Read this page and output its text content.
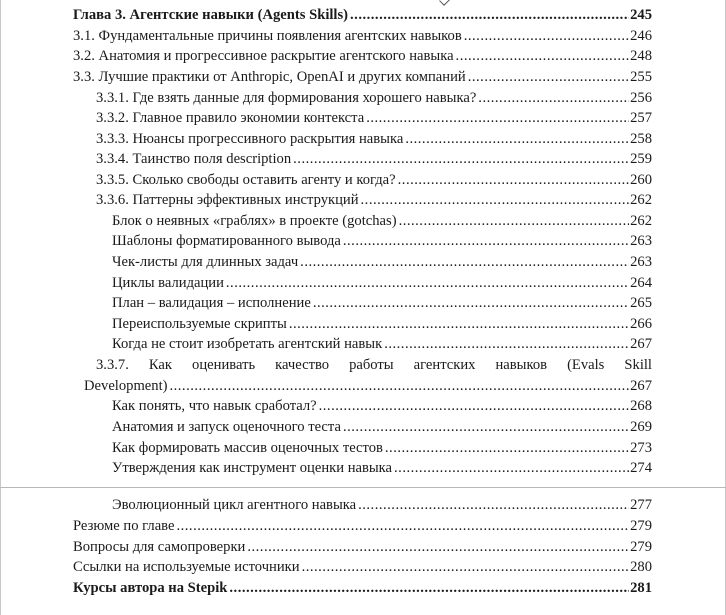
Глава 3. Агентские навыки (Agents Skills) .....	245
3.1. Фундаментальные причины появления агентских навыков .....	246
3.2. Анатомия и прогрессивное раскрытие агентского навыка .....	248
3.3. Лучшие практики от Anthropic, OpenAI и других компаний .....	255
3.3.1. Где взять данные для формирования хорошего навыка? .....	256
3.3.2. Главное правило экономии контекста .....	257
3.3.3. Нюансы прогрессивного раскрытия навыка .....	258
3.3.4. Таинство поля description .....	259
3.3.5. Сколько свободы оставить агенту и когда? .....	260
3.3.6. Паттерны эффективных инструкций .....	262
Блок о неявных «граблях» в проекте (gotchas) .....	262
Шаблоны форматированного вывода .....	263
Чек-листы для длинных задач .....	263
Циклы валидации .....	264
План – валидация – исполнение .....	265
Переиспользуемые скрипты .....	266
Когда не стоит изобретать агентский навык .....	267
3.3.7. Как оценивать качество работы агентских навыков (Evals Skill
Development) .....	267
Как понять, что навык сработал? .....	268
Анатомия и запуск оценочного теста .....	269
Как формировать массив оценочных тестов .....	273
Утверждения как инструмент оценки навыка .....	274
Эволюционный цикл агентного навыка .....	277
Резюме по главе .....	279
Вопросы для самопроверки .....	279
Ссылки на используемые источники .....	280
Курсы автора на Stepik .....	281
